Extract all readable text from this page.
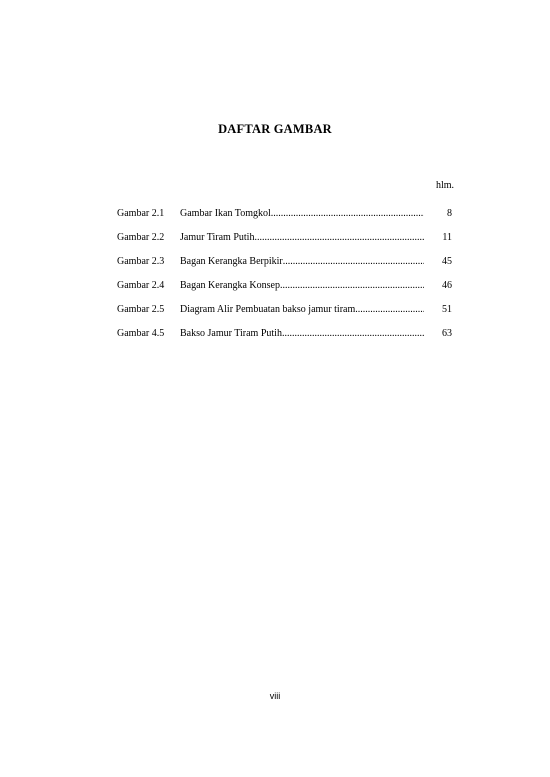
DAFTAR GAMBAR
hlm.
Gambar 2.1	Gambar Ikan Tomgkol .....	8
Gambar 2.2	Jamur Tiram Putih .....	11
Gambar 2.3	Bagan Kerangka Berpikir .....	45
Gambar 2.4	Bagan Kerangka Konsep .....	46
Gambar 2.5	Diagram Alir Pembuatan bakso jamur tiram .....	51
Gambar 4.5	Bakso Jamur Tiram Putih .....	63
viii
